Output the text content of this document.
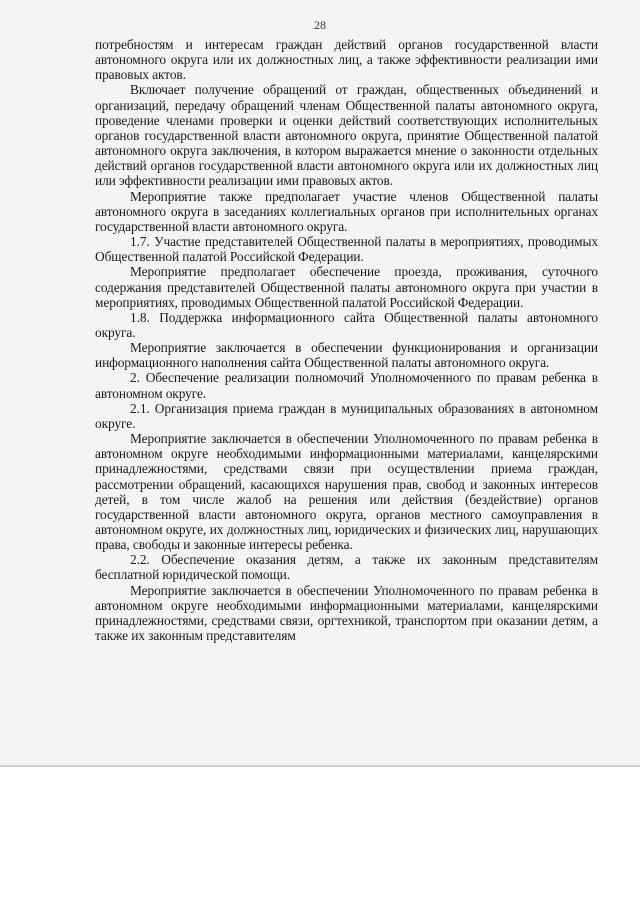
28

потребностям и интересам граждан действий органов государственной власти автономного округа или их должностных лиц, а также эффективности реализации ими правовых актов.

Включает получение обращений от граждан, общественных объединений и организаций, передачу обращений членам Общественной палаты автономного округа, проведение членами проверки и оценки действий соответствующих исполнительных органов государственной власти автономного округа, принятие Общественной палатой автономного округа заключения, в котором выражается мнение о законности отдельных действий органов государственной власти автономного округа или их должностных лиц или эффективности реализации ими правовых актов.

Мероприятие также предполагает участие членов Общественной палаты автономного округа в заседаниях коллегиальных органов при исполнительных органах государственной власти автономного округа.

1.7. Участие представителей Общественной палаты в мероприятиях, проводимых Общественной палатой Российской Федерации.

Мероприятие предполагает обеспечение проезда, проживания, суточного содержания представителей Общественной палаты автономного округа при участии в мероприятиях, проводимых Общественной палатой Российской Федерации.

1.8. Поддержка информационного сайта Общественной палаты автономного округа.

Мероприятие заключается в обеспечении функционирования и организации информационного наполнения сайта Общественной палаты автономного округа.

2. Обеспечение реализации полномочий Уполномоченного по правам ребенка в автономном округе.

2.1. Организация приема граждан в муниципальных образованиях в автономном округе.

Мероприятие заключается в обеспечении Уполномоченного по правам ребенка в автономном округе необходимыми информационными материалами, канцелярскими принадлежностями, средствами связи при осуществлении приема граждан, рассмотрении обращений, касающихся нарушения прав, свобод и законных интересов детей, в том числе жалоб на решения или действия (бездействие) органов государственной власти автономного округа, органов местного самоуправления в автономном округе, их должностных лиц, юридических и физических лиц, нарушающих права, свободы и законные интересы ребенка.

2.2. Обеспечение оказания детям, а также их законным представителям бесплатной юридической помощи.

Мероприятие заключается в обеспечении Уполномоченного по правам ребенка в автономном округе необходимыми информационными материалами, канцелярскими принадлежностями, средствами связи, оргтехникой, транспортом при оказании детям, а также их законным представителям
